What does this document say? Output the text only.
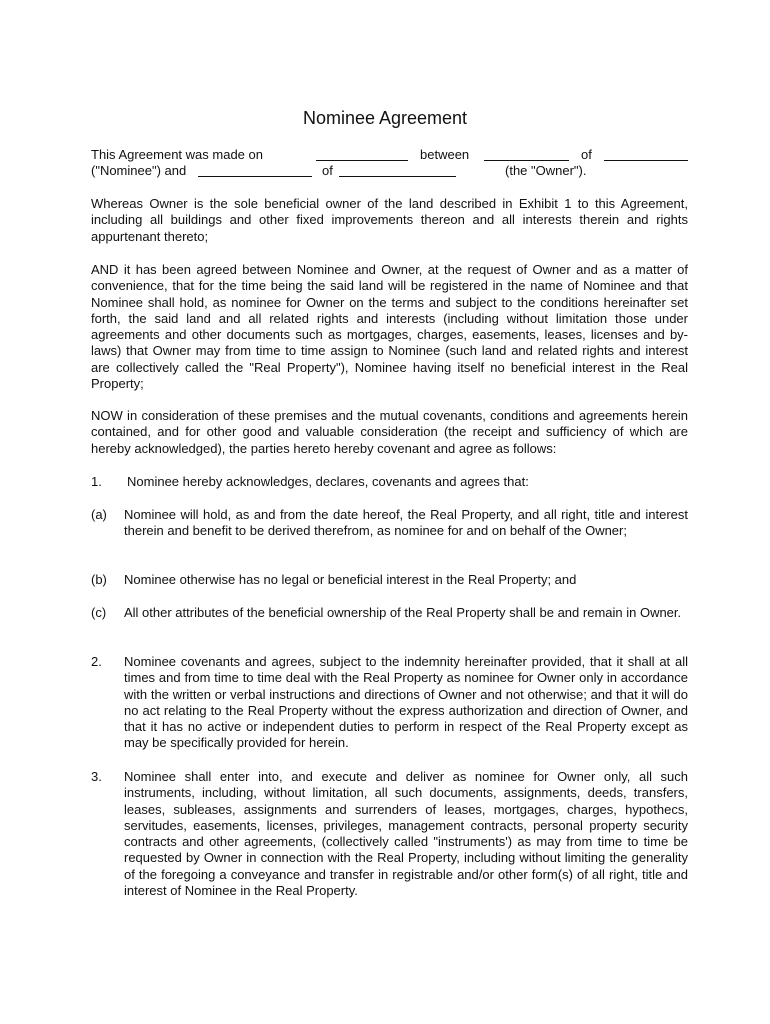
Nominee Agreement
This Agreement was made on	between	of
("Nominee") and	of	(the "Owner").

Whereas Owner is the sole beneficial owner of the land described in Exhibit 1 to this Agreement, including all buildings and other fixed improvements thereon and all interests therein and rights appurtenant thereto;

AND it has been agreed between Nominee and Owner, at the request of Owner and as a matter of convenience, that for the time being the said land will be registered in the name of Nominee and that Nominee shall hold, as nominee for Owner on the terms and subject to the conditions hereinafter set forth, the said land and all related rights and interests (including without limitation those under agreements and other documents such as mortgages, charges, easements, leases, licenses and by-laws) that Owner may from time to time assign to Nominee (such land and related rights and interest are collectively called the "Real Property"), Nominee having itself no beneficial interest in the Real Property;

NOW in consideration of these premises and the mutual covenants, conditions and agreements herein contained, and for other good and valuable consideration (the receipt and sufficiency of which are hereby acknowledged), the parties hereto hereby covenant and agree as follows:

1. Nominee hereby acknowledges, declares, covenants and agrees that:
(a) Nominee will hold, as and from the date hereof, the Real Property, and all right, title and interest therein and benefit to be derived therefrom, as nominee for and on behalf of the Owner;
(b) Nominee otherwise has no legal or beneficial interest in the Real Property; and
(c) All other attributes of the beneficial ownership of the Real Property shall be and remain in Owner.
2. Nominee covenants and agrees, subject to the indemnity hereinafter provided, that it shall at all times and from time to time deal with the Real Property as nominee for Owner only in accordance with the written or verbal instructions and directions of Owner and not otherwise; and that it will do no act relating to the Real Property without the express authorization and direction of Owner, and that it has no active or independent duties to perform in respect of the Real Property except as may be specifically provided for herein.
3. Nominee shall enter into, and execute and deliver as nominee for Owner only, all such instruments, including, without limitation, all such documents, assignments, deeds, transfers, leases, subleases, assignments and surrenders of leases, mortgages, charges, hypothecs, servitudes, easements, licenses, privileges, management contracts, personal property security contracts and other agreements, (collectively called "instruments') as may from time to time be requested by Owner in connection with the Real Property, including without limiting the generality of the foregoing a conveyance and transfer in registrable and/or other form(s) of all right, title and interest of Nominee in the Real Property.
